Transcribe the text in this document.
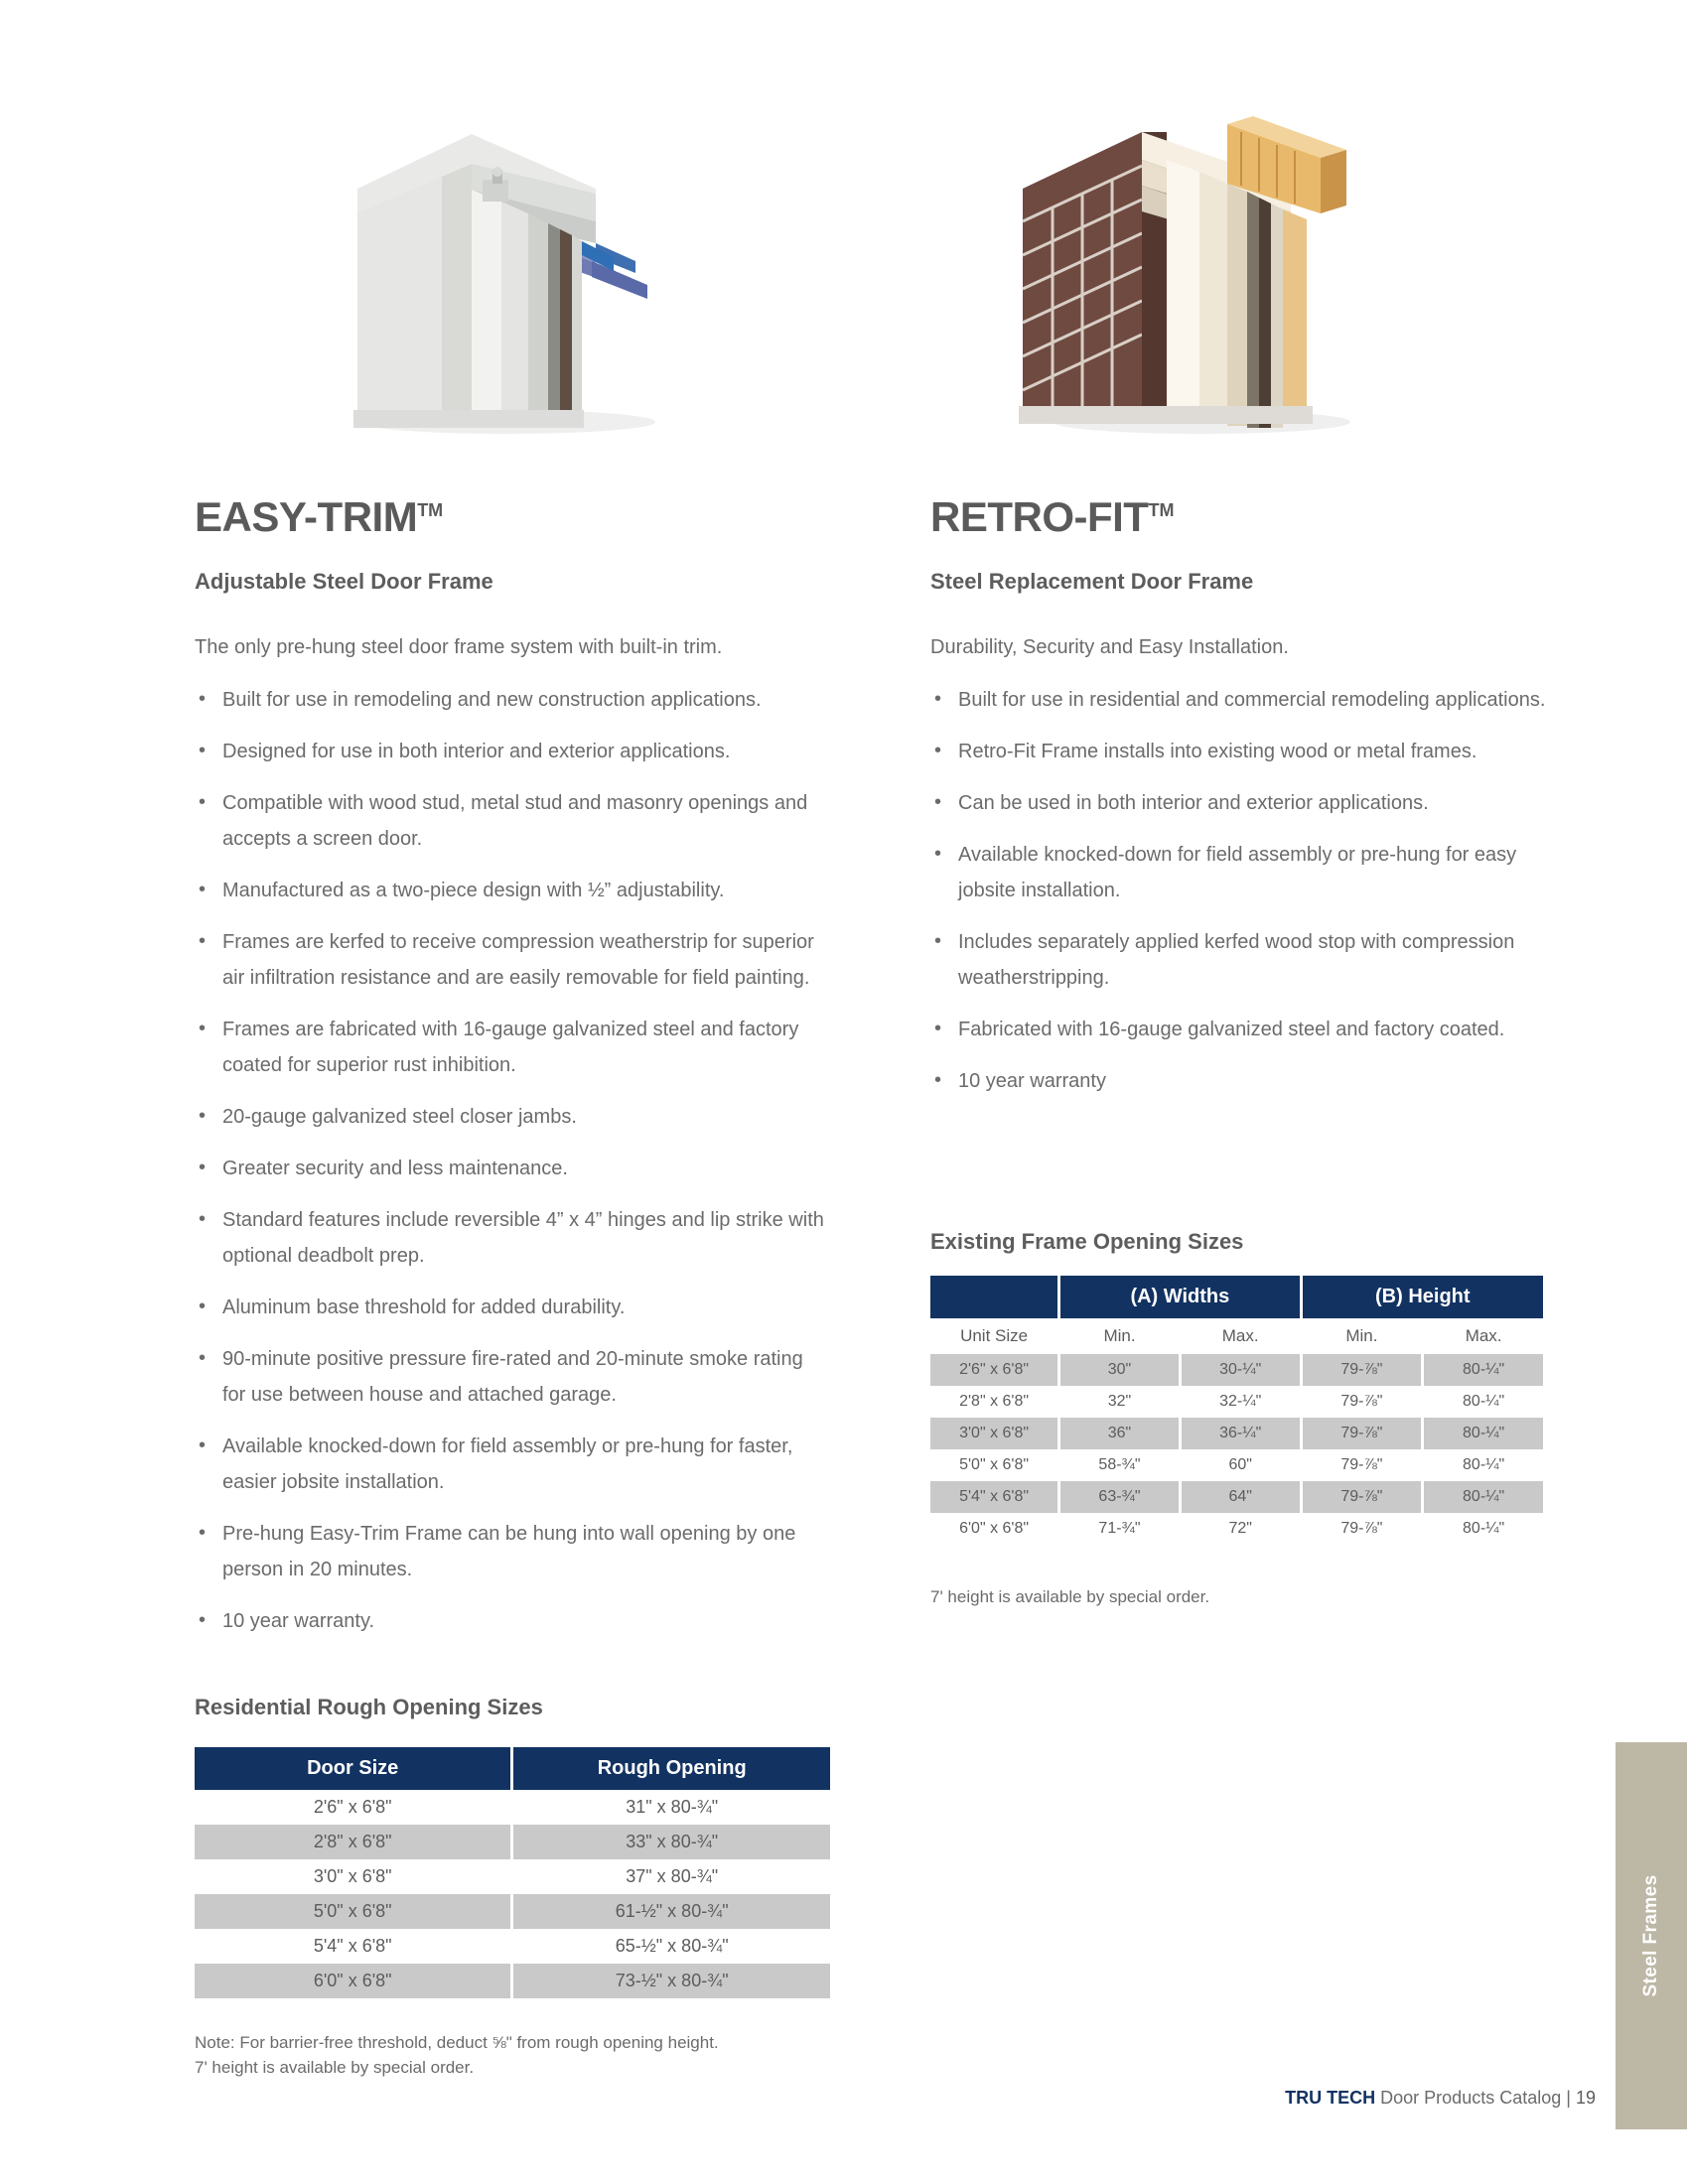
Steel Frames
EASY-TRIM™
Adjustable Steel Door Frame

The only pre-hung steel door frame system with built-in trim.

• Built for use in remodeling and new construction applications.
• Designed for use in both interior and exterior applications.
• Compatible with wood stud, metal stud and masonry openings and accepts a screen door.
• Manufactured as a two-piece design with ½” adjustability.
• Frames are kerfed to receive compression weatherstrip for superior air infiltration resistance and are easily removable for field painting.
• Frames are fabricated with 16-gauge galvanized steel and factory coated for superior rust inhibition.
• 20-gauge galvanized steel closer jambs.
• Greater security and less maintenance.
• Standard features include reversible 4” x 4” hinges and lip strike with optional deadbolt prep.
• Aluminum base threshold for added durability.
• 90-minute positive pressure fire-rated and 20-minute smoke rating for use between house and attached garage.
• Available knocked-down for field assembly or pre-hung for faster, easier jobsite installation.
• Pre-hung Easy-Trim Frame can be hung into wall opening by one person in 20 minutes.
• 10 year warranty.
Residential Rough Opening Sizes
Door Size	Rough Opening
2'6" x 6'8"	31" x 80-¾"
2'8" x 6'8"	33" x 80-¾"
3'0" x 6'8"	37" x 80-¾"
5'0" x 6'8"	61-½" x 80-¾"
5'4" x 6'8"	65-½" x 80-¾"
6'0" x 6'8"	73-½" x 80-¾"
Note: For barrier-free threshold, deduct ⅝" from rough opening height.
7' height is available by special order.
RETRO-FIT™
Steel Replacement Door Frame

Durability, Security and Easy Installation.

• Built for use in residential and commercial remodeling applications.
• Retro-Fit Frame installs into existing wood or metal frames.
• Can be used in both interior and exterior applications.
• Available knocked-down for field assembly or pre-hung for easy jobsite installation.
• Includes separately applied kerfed wood stop with compression weatherstripping.
• Fabricated with 16-gauge galvanized steel and factory coated.
• 10 year warranty
Existing Frame Opening Sizes
	(A) Widths		(B) Height	
Unit Size	Min.	Max.	Min.	Max.
2'6" x 6'8"	30"	30-¼"	79-⅞"	80-¼"
2'8" x 6'8"	32"	32-¼"	79-⅞"	80-¼"
3'0" x 6'8"	36"	36-¼"	79-⅞"	80-¼"
5'0" x 6'8"	58-¾"	60"	79-⅞"	80-¼"
5'4" x 6'8"	63-¾"	64"	79-⅞"	80-¼"
6'0" x 6'8"	71-¾"	72"	79-⅞"	80-¼"
7' height is available by special order.
TRU TECH Door Products Catalog | 19
